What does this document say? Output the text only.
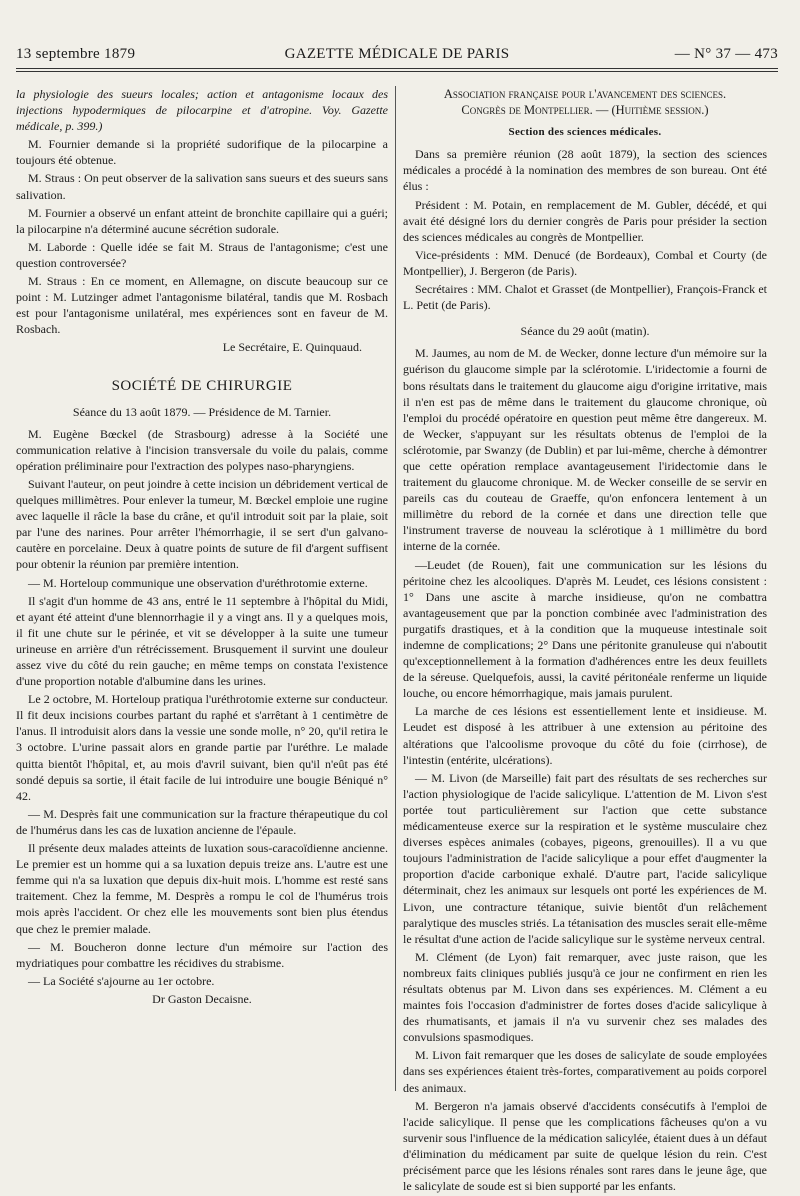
13 septembre 1879	GAZETTE MÉDICALE DE PARIS	— N° 37 — 473

la physiologie des sueurs locales; action et antagonisme locaux des injections hypodermiques de pilocarpine et d'atropine. Voy. Gazette médicale, p. 399.)

M. Fournier demande si la propriété sudorifique de la pilocarpine a toujours été obtenue.

M. Straus : On peut observer de la salivation sans sueurs et des sueurs sans salivation.

M. Fournier a observé un enfant atteint de bronchite capillaire qui a guéri; la pilocarpine n'a déterminé aucune sécrétion sudorale.

M. Laborde : Quelle idée se fait M. Straus de l'antagonisme; c'est une question controversée?

M. Straus : En ce moment, en Allemagne, on discute beaucoup sur ce point : M. Lutzinger admet l'antagonisme bilatéral, tandis que M. Rosbach est pour l'antagonisme unilatéral, mes expériences sont en faveur de M. Rosbach.

Le Secrétaire, E. Quinquaud.

SOCIÉTÉ DE CHIRURGIE

Séance du 13 août 1879. — Présidence de M. Tarnier.

M. Eugène Bœckel (de Strasbourg) adresse à la Société une communication relative à l'incision transversale du voile du palais, comme opération préliminaire pour l'extraction des polypes naso-pharyngiens.

Suivant l'auteur, on peut joindre à cette incision un débridement vertical de quelques millimètres. Pour enlever la tumeur, M. Bœckel emploie une rugine avec laquelle il râcle la base du crâne, et qu'il introduit soit par la plaie, soit par l'une des narines. Pour arrêter l'hémorrhagie, il se sert d'un galvano-cautère en porcelaine. Deux à quatre points de suture de fil d'argent suffisent pour obtenir la réunion par première intention.

— M. Horteloup communique une observation d'uréthrotomie externe.

Il s'agit d'un homme de 43 ans, entré le 11 septembre à l'hôpital du Midi, et ayant été atteint d'une blennorrhagie il y a vingt ans. Il y a quelques mois, il fit une chute sur le périnée, et vit se développer à la suite une tumeur urineuse en arrière d'un rétrécissement. Brusquement il survint une douleur assez vive du côté du rein gauche; en même temps on constata l'existence d'une proportion notable d'albumine dans les urines.

Le 2 octobre, M. Horteloup pratiqua l'uréthrotomie externe sur conducteur. Il fit deux incisions courbes partant du raphé et s'arrêtant à 1 centimètre de l'anus. Il introduisit alors dans la vessie une sonde molle, n° 20, qu'il retira le 3 octobre. L'urine passait alors en grande partie par l'uréthre. Le malade quitta bientôt l'hôpital, et, au mois d'avril suivant, bien qu'il n'eût pas été sondé depuis sa sortie, il était facile de lui introduire une bougie Béniqué n° 42.

— M. Desprès fait une communication sur la fracture thérapeutique du col de l'humérus dans les cas de luxation ancienne de l'épaule.

Il présente deux malades atteints de luxation sous-caracoïdienne ancienne. Le premier est un homme qui a sa luxation depuis treize ans. L'autre est une femme qui n'a sa luxation que depuis dix-huit mois. L'homme est resté sans traitement. Chez la femme, M. Desprès a rompu le col de l'humérus trois mois après l'accident. Or chez elle les mouvements sont bien plus étendus que chez le premier malade.

— M. Boucheron donne lecture d'un mémoire sur l'action des mydriatiques pour combattre les récidives du strabisme.

— La Société s'ajourne au 1er octobre.

Dr Gaston Decaisne.

Association française pour l'avancement des sciences.

Congrès de Montpellier. — (Huitième session.)

Section des sciences médicales.

Dans sa première réunion (28 août 1879), la section des sciences médicales a procédé à la nomination des membres de son bureau. Ont été élus :

Président : M. Potain, en remplacement de M. Gubler, décédé, et qui avait été désigné lors du dernier congrès de Paris pour présider la section des sciences médicales au congrès de Montpellier.

Vice-présidents : MM. Denucé (de Bordeaux), Combal et Courty (de Montpellier), J. Bergeron (de Paris).

Secrétaires : MM. Chalot et Grasset (de Montpellier), François-Franck et L. Petit (de Paris).

Séance du 29 août (matin).

M. Jaumes, au nom de M. de Wecker, donne lecture d'un mémoire sur la guérison du glaucome simple par la sclérotomie. L'iridectomie a fourni de bons résultats dans le traitement du glaucome aigu d'origine irritative, mais il n'en est pas de même dans le traitement du glaucome chronique, où l'emploi du procédé opératoire en question peut même être dangereux. M. de Wecker, s'appuyant sur les résultats obtenus de l'emploi de la sclérotomie, par Swanzy (de Dublin) et par lui-même, cherche à démontrer que cette opération remplace avantageusement l'iridectomie dans le traitement du glaucome chronique. M. de Wecker conseille de se servir en pareils cas du couteau de Graeffe, qu'on enfoncera lentement à un millimètre du rebord de la cornée et dans une direction telle que l'instrument traverse de nouveau la sclérotique à 1 millimètre du bord interne de la cornée.

—Leudet (de Rouen), fait une communication sur les lésions du péritoine chez les alcooliques. D'après M. Leudet, ces lésions consistent : 1° Dans une ascite à marche insidieuse, qu'on ne combattra avantageusement que par la ponction combinée avec l'administration des purgatifs drastiques, et à la condition que la muqueuse intestinale soit indemne de complications; 2° Dans une péritonite granuleuse qui n'aboutit qu'exceptionnellement à la formation d'adhérences entre les deux feuillets de la séreuse. Quelquefois, aussi, la cavité péritonéale renferme un liquide louche, ou encore hémorrhagique, mais jamais purulent.

La marche de ces lésions est essentiellement lente et insidieuse. M. Leudet est disposé à les attribuer à une extension au péritoine des altérations que l'alcoolisme provoque du côté du foie (cirrhose), de l'intestin (entérite, ulcérations).

— M. Livon (de Marseille) fait part des résultats de ses recherches sur l'action physiologique de l'acide salicylique. L'attention de M. Livon s'est portée tout particulièrement sur l'action que cette substance médicamenteuse exerce sur la respiration et le système musculaire chez diverses espèces animales (cobayes, pigeons, grenouilles). Il a vu que toujours l'administration de l'acide salicylique a pour effet d'augmenter la proportion d'acide carbonique exhalé. D'autre part, l'acide salicylique déterminait, chez les animaux sur lesquels ont porté les expériences de M. Livon, une contracture tétanique, suivie bientôt d'un relâchement paralytique des muscles striés. La tétanisation des muscles serait elle-même le résultat d'une action de l'acide salicylique sur le système nerveux central.

M. Clément (de Lyon) fait remarquer, avec juste raison, que les nombreux faits cliniques publiés jusqu'à ce jour ne confirment en rien les résultats obtenus par M. Livon dans ses expériences. M. Clément a eu maintes fois l'occasion d'administrer de fortes doses d'acide salicylique à des rhumatisants, et jamais il n'a vu survenir chez ses malades des convulsions spasmodiques.

M. Livon fait remarquer que les doses de salicylate de soude employées dans ses expériences étaient très-fortes, comparativement au poids corporel des animaux.

M. Bergeron n'a jamais observé d'accidents consécutifs à l'emploi de l'acide salicylique. Il pense que les complications fâcheuses qu'on a vu survenir sous l'influence de la médication salicylée, étaient dues à un défaut d'élimination du médicament par suite de quelque lésion du rein. C'est précisément parce que les lésions rénales sont rares dans le jeune âge, que le salicylate de soude est si bien supporté par les enfants.
